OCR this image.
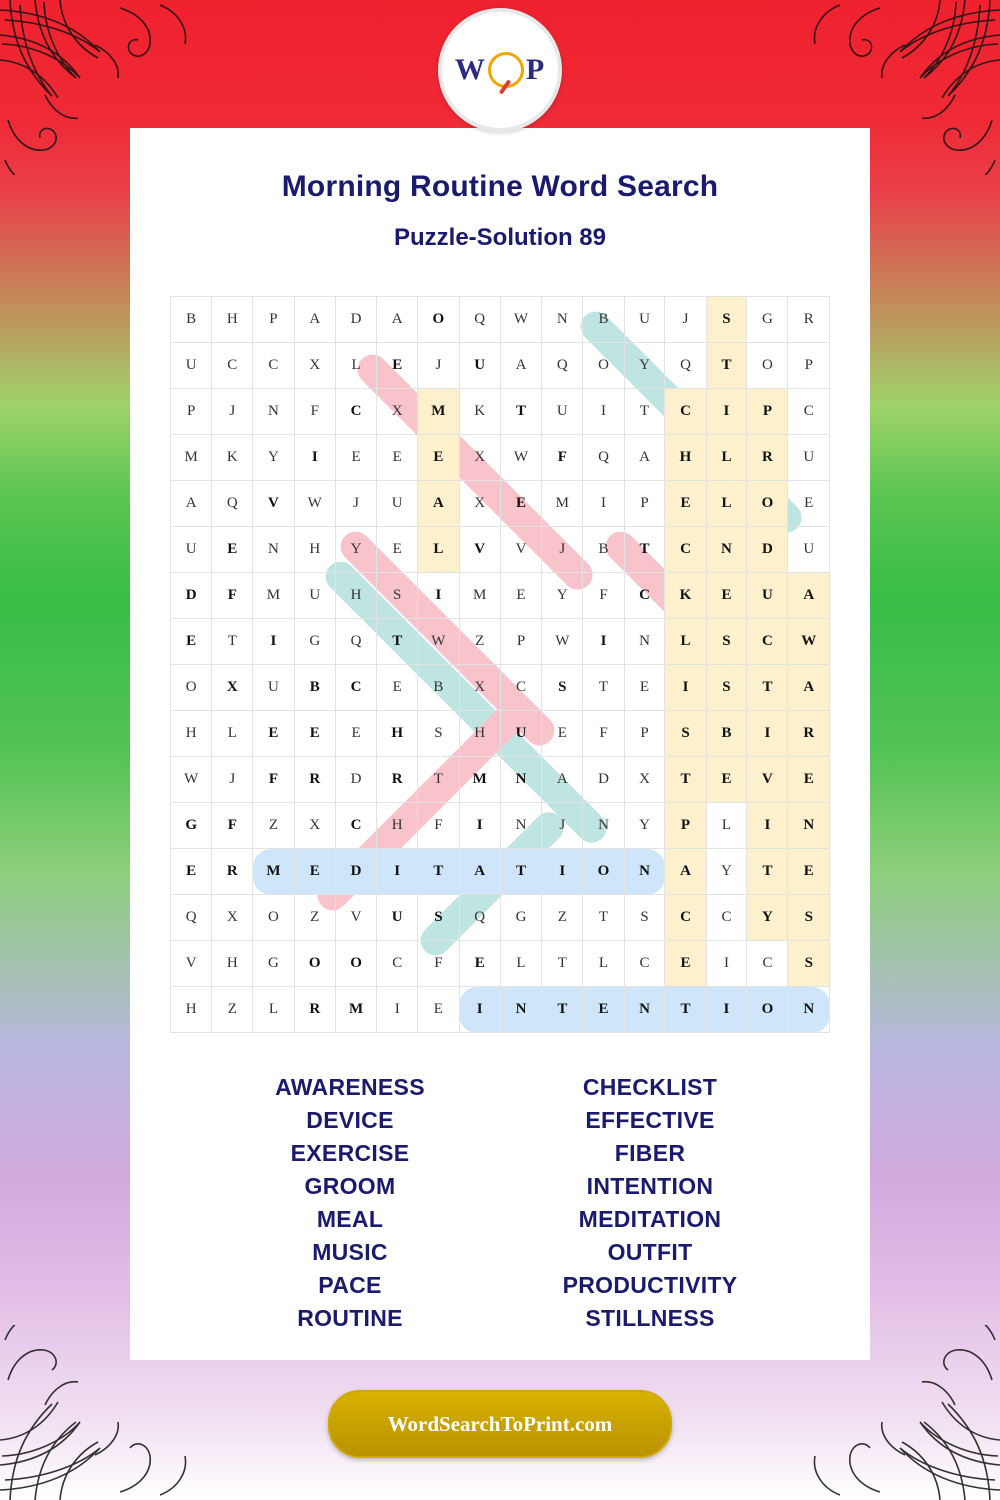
W P
Morning Routine Word Search
Puzzle-Solution 89
B	H	P	A	D	A	O	Q	W	N	B	U	J	S	G	R
U	C	C	X	L	E	J	U	A	Q	O	Y	Q	T	O	P
P	J	N	F	C	X	M	K	T	U	I	T	C	I	P	C
M	K	Y	I	E	E	E	X	W	F	Q	A	H	L	R	U
A	Q	V	W	J	U	A	X	E	M	I	P	E	L	O	E
U	E	N	H	Y	E	L	V	V	J	B	T	C	N	D	U
D	F	M	U	H	S	I	M	E	Y	F	C	K	E	U	A
E	T	I	G	Q	T	W	Z	P	W	I	N	L	S	C	W
O	X	U	B	C	E	B	X	C	S	T	E	I	S	T	A
H	L	E	E	E	H	S	H	U	E	F	P	S	B	I	R
W	J	F	R	D	R	T	M	N	A	D	X	T	E	V	E
G	F	Z	X	C	H	F	I	N	J	N	Y	P	L	I	N
E	R	M	E	D	I	T	A	T	I	O	N	A	Y	T	E
Q	X	O	Z	V	U	S	Q	G	Z	T	S	C	C	Y	S
V	H	G	O	O	C	F	E	L	T	L	C	E	I	C	S
H	Z	L	R	M	I	E	I	N	T	E	N	T	I	O	N
AWARENESS
DEVICE
EXERCISE
GROOM
MEAL
MUSIC
PACE
ROUTINE
CHECKLIST
EFFECTIVE
FIBER
INTENTION
MEDITATION
OUTFIT
PRODUCTIVITY
STILLNESS
WordSearchToPrint.com
